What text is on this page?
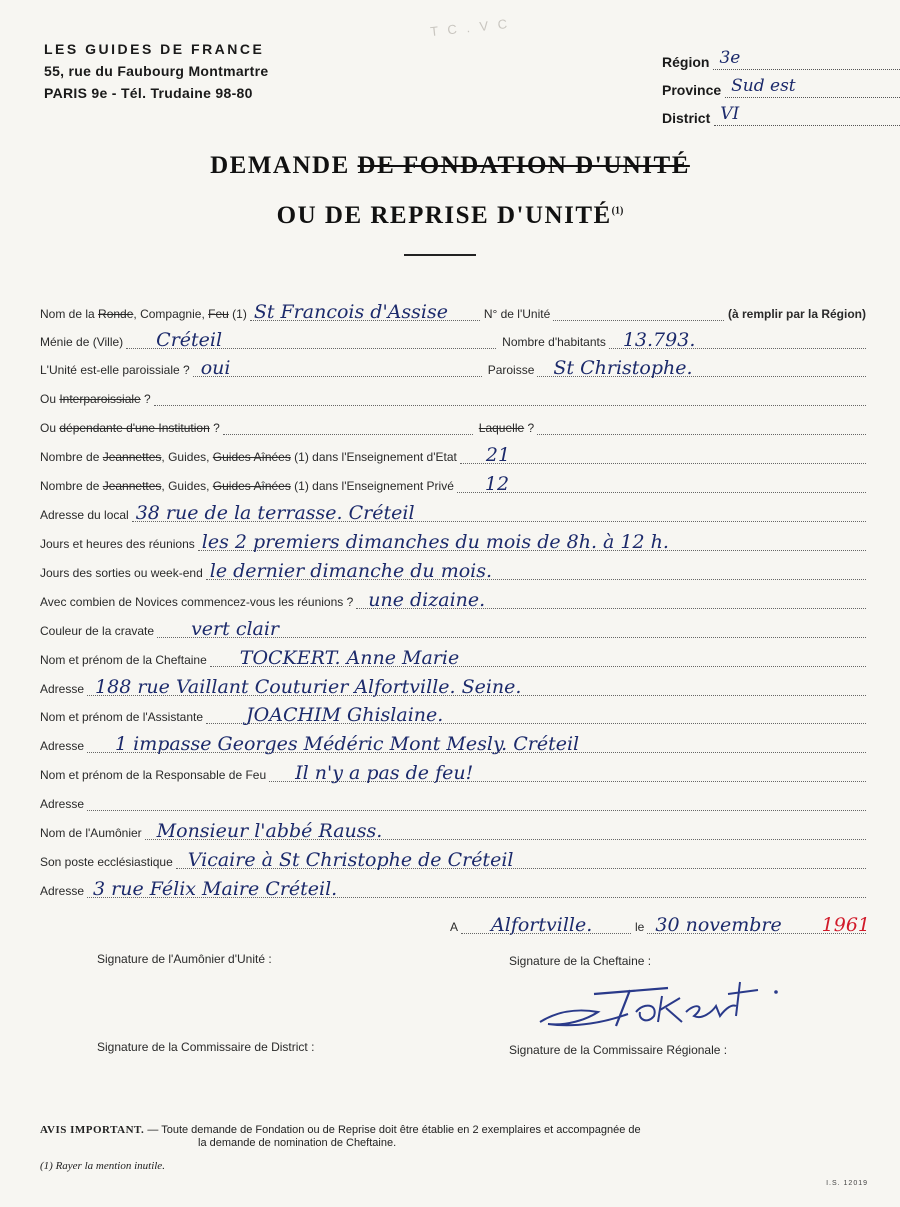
T C . V C
LES GUIDES DE FRANCE
55, rue du Faubourg Montmartre
PARIS 9e - Tél. Trudaine 98-80
Région 3e
Province Sud est
District VI
DEMANDE DE FONDATION D'UNITÉ
OU DE REPRISE D'UNITÉ$^{(1)}$
Nom de la Ronde, Compagnie, Feu (1) St Francois d'Assise	N° de l'Unité	(à remplir par la Région)
Ménie de (Ville) Créteil	Nombre d'habitants 13.793.
L'Unité est-elle paroissiale ? oui	Paroisse St Christophe.
Ou Interparoissiale ?
Ou dépendante d'une Institution ?	Laquelle ?
Nombre de Jeannettes, Guides, Guides Aînées (1) dans l'Enseignement d'Etat 21
Nombre de Jeannettes, Guides, Guides Aînées (1) dans l'Enseignement Privé 12
Adresse du local 38 rue de la terrasse. Créteil
Jours et heures des réunions les 2 premiers dimanches du mois de 8h. à 12 h.
Jours des sorties ou week-end le dernier dimanche du mois.
Avec combien de Novices commencez-vous les réunions ? une dizaine.
Couleur de la cravate vert clair
Nom et prénom de la Cheftaine TOCKERT. Anne Marie
Adresse 188 rue Vaillant Couturier Alfortville. Seine.
Nom et prénom de l'Assistante JOACHIM Ghislaine.
Adresse 1 impasse Georges Médéric Mont Mesly. Créteil
Nom et prénom de la Responsable de Feu Il n'y a pas de feu!
Adresse
Nom de l'Aumônier Monsieur l'abbé Rauss.
Son poste ecclésiastique Vicaire à St Christophe de Créteil
Adresse 3 rue Félix Maire Créteil.
A Alfortville.	le 30 novembre 1961
Signature de l'Aumônier d'Unité :	Signature de la Cheftaine :
Signature de la Commissaire de District :	Signature de la Commissaire Régionale :
AVIS IMPORTANT. — Toute demande de Fondation ou de Reprise doit être établie en 2 exemplaires et accompagnée de
la demande de nomination de Cheftaine.
(1) Rayer la mention inutile.
I.S. 12019
